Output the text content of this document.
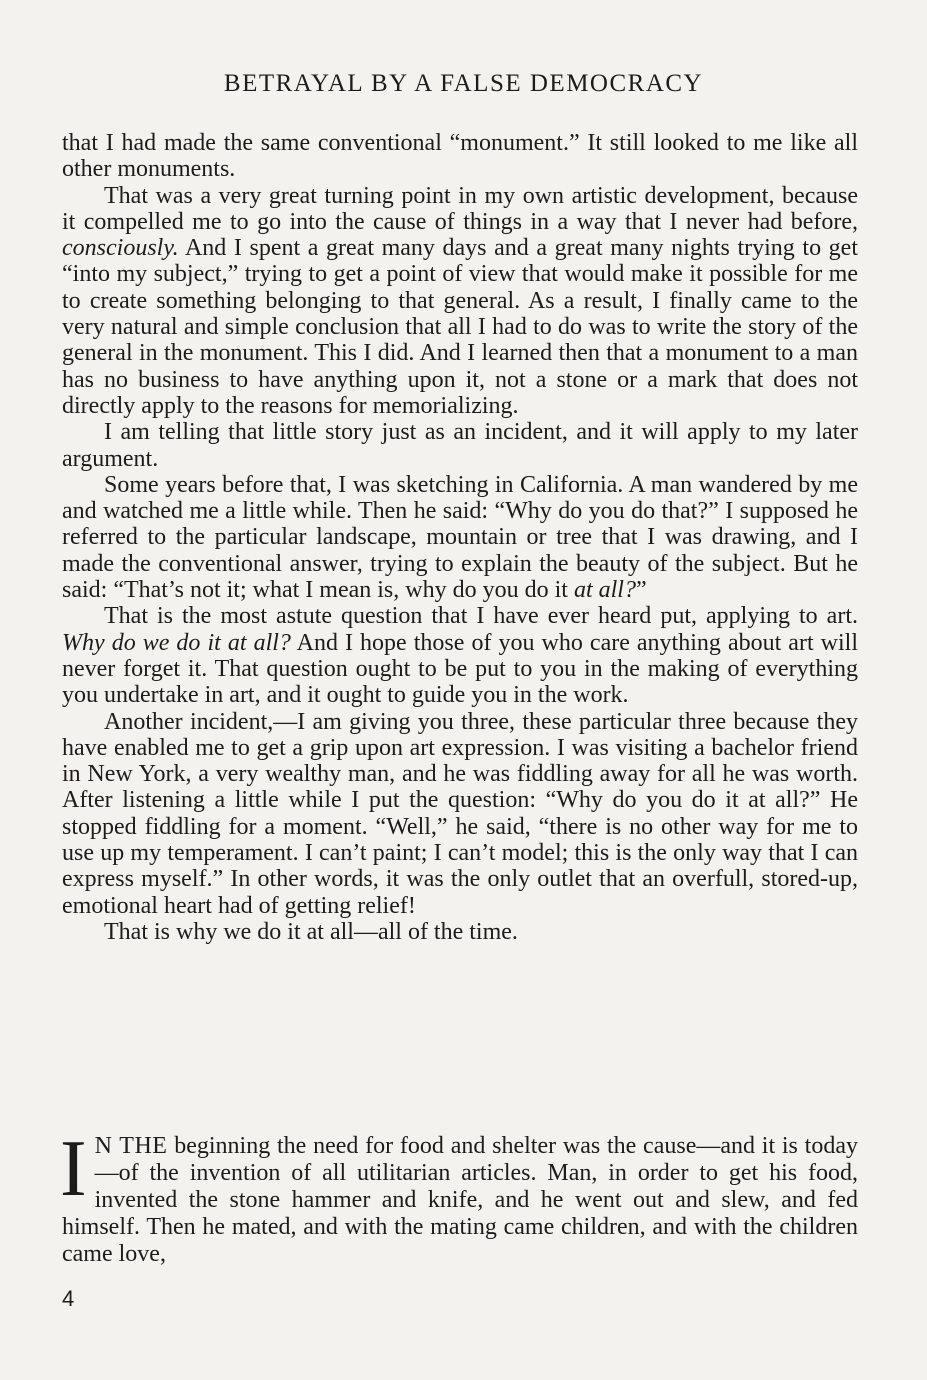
BETRAYAL BY A FALSE DEMOCRACY

that I had made the same conventional “monument.” It still looked to me like all other monuments.

That was a very great turning point in my own artistic development, because it compelled me to go into the cause of things in a way that I never had before, consciously. And I spent a great many days and a great many nights trying to get “into my subject,” trying to get a point of view that would make it possible for me to create something belonging to that general. As a result, I finally came to the very natural and simple conclusion that all I had to do was to write the story of the general in the monument. This I did. And I learned then that a monument to a man has no business to have anything upon it, not a stone or a mark that does not directly apply to the reasons for memorializing.

I am telling that little story just as an incident, and it will apply to my later argument.

Some years before that, I was sketching in California. A man wandered by me and watched me a little while. Then he said: “Why do you do that?” I supposed he referred to the particular landscape, mountain or tree that I was drawing, and I made the conventional answer, trying to explain the beauty of the subject. But he said: “That’s not it; what I mean is, why do you do it at all?”

That is the most astute question that I have ever heard put, applying to art. Why do we do it at all? And I hope those of you who care anything about art will never forget it. That question ought to be put to you in the making of everything you undertake in art, and it ought to guide you in the work.

Another incident,—I am giving you three, these particular three because they have enabled me to get a grip upon art expression. I was visiting a bachelor friend in New York, a very wealthy man, and he was fiddling away for all he was worth. After listening a little while I put the question: “Why do you do it at all?” He stopped fiddling for a moment. “Well,” he said, “there is no other way for me to use up my temperament. I can’t paint; I can’t model; this is the only way that I can express myself.” In other words, it was the only outlet that an overfull, stored-up, emotional heart had of getting relief!

That is why we do it at all—all of the time.

I N THE beginning the need for food and shelter was the cause—and it is today—of the invention of all utilitarian articles. Man, in order to get his food, invented the stone hammer and knife, and he went out and slew, and fed himself. Then he mated, and with the mating came children, and with the children came love,

4
